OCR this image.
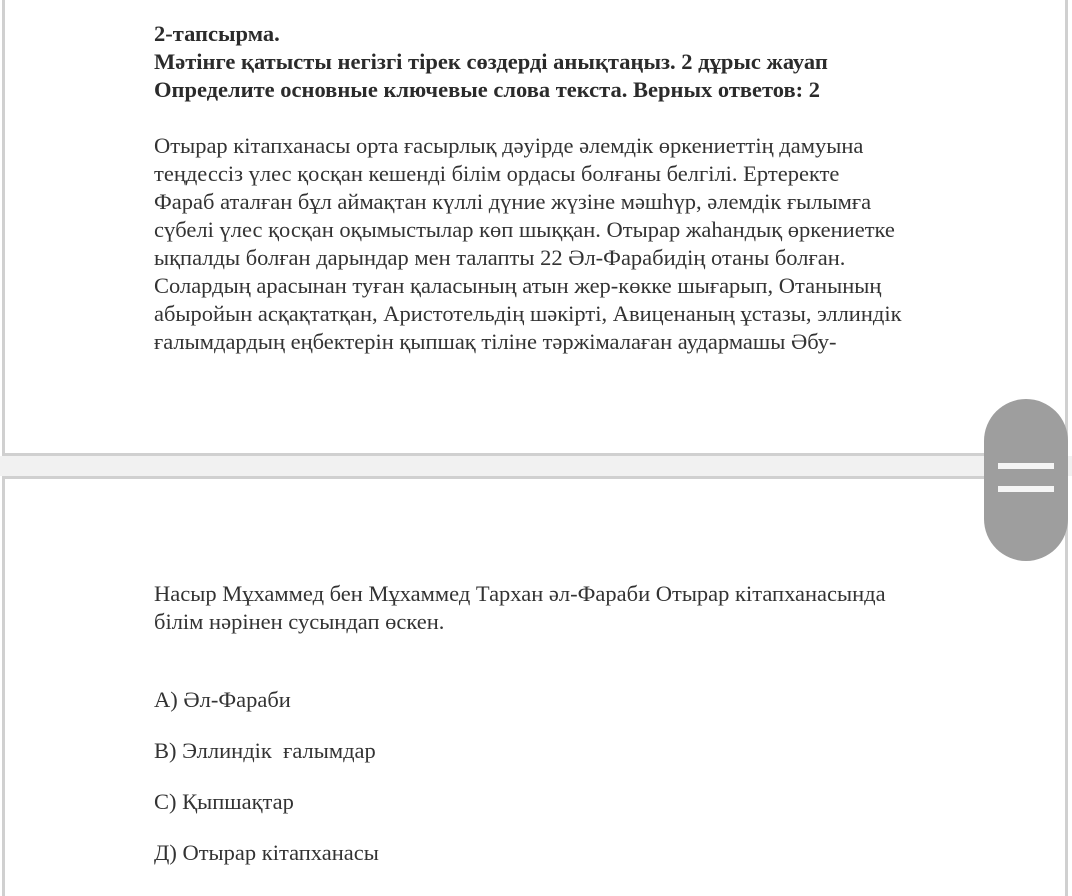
2-тапсырма.
Мәтінге қатысты негізгі тірек сөздерді анықтаңыз. 2 дұрыс жауап
Определите основные ключевые слова текста. Верных ответов: 2
Отырар кітапханасы орта ғасырлық дәуірде әлемдік өркениеттің дамуына
теңдессіз үлес қосқан кешенді білім ордасы болғаны белгілі. Ертеректе
Фараб аталған бұл аймақтан күллі дүние жүзіне мәшһүр, әлемдік ғылымға
сүбелі үлес қосқан оқымыстылар көп шыққан. Отырар жаһандық өркениетке
ықпалды болған дарындар мен талапты 22 Әл-Фарабидің отаны болған.
Солардың арасынан туған қаласының атын жер-көкке шығарып, Отанының
абыройын асқақтатқан, Аристотельдің шәкірті, Авиценаның ұстазы, эллиндік
ғалымдардың еңбектерін қыпшақ тіліне тәржімалаған аудармашы Әбу-
Насыр Мұхаммед бен Мұхаммед Тархан әл-Фараби Отырар кітапханасында
білім нәрінен сусындап өскен.
А) Әл-Фараби
В) Эллиндік  ғалымдар
С) Қыпшақтар
Д) Отырар кітапханасы
